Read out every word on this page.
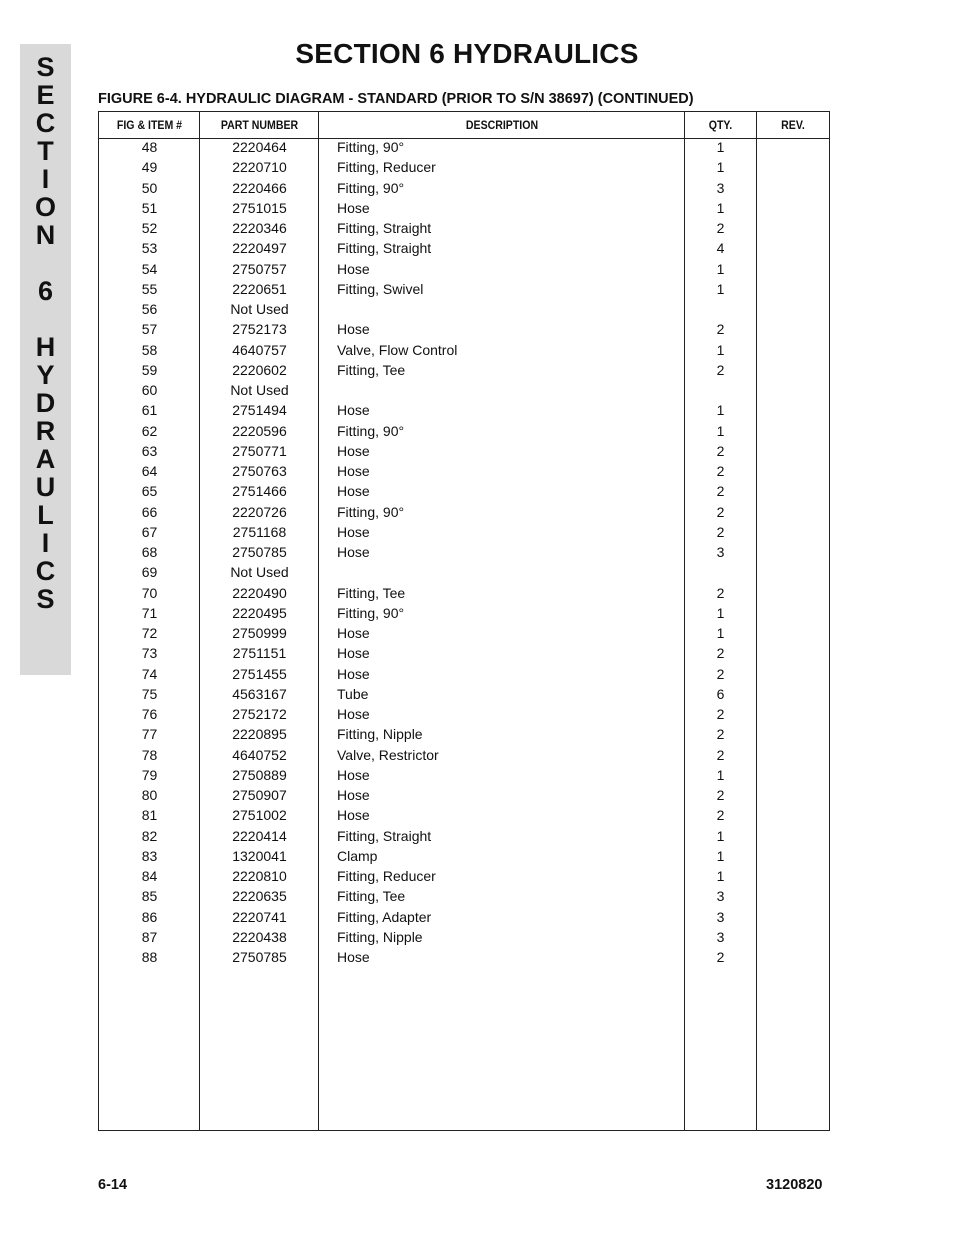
S
E
C
T
I
O
N
6
H
Y
D
R
A
U
L
I
C
S
SECTION 6 HYDRAULICS
FIGURE 6-4. HYDRAULIC DIAGRAM - STANDARD (PRIOR TO S/N 38697) (CONTINUED)
FIG & ITEM #	PART NUMBER	DESCRIPTION	QTY.	REV.
48	2220464	Fitting, 90°	1
49	2220710	Fitting, Reducer	1
50	2220466	Fitting, 90°	3
51	2751015	Hose	1
52	2220346	Fitting, Straight	2
53	2220497	Fitting, Straight	4
54	2750757	Hose	1
55	2220651	Fitting, Swivel	1
56	Not Used
57	2752173	Hose	2
58	4640757	Valve, Flow Control	1
59	2220602	Fitting, Tee	2
60	Not Used
61	2751494	Hose	1
62	2220596	Fitting, 90°	1
63	2750771	Hose	2
64	2750763	Hose	2
65	2751466	Hose	2
66	2220726	Fitting, 90°	2
67	2751168	Hose	2
68	2750785	Hose	3
69	Not Used
70	2220490	Fitting, Tee	2
71	2220495	Fitting, 90°	1
72	2750999	Hose	1
73	2751151	Hose	2
74	2751455	Hose	2
75	4563167	Tube	6
76	2752172	Hose	2
77	2220895	Fitting, Nipple	2
78	4640752	Valve, Restrictor	2
79	2750889	Hose	1
80	2750907	Hose	2
81	2751002	Hose	2
82	2220414	Fitting, Straight	1
83	1320041	Clamp	1
84	2220810	Fitting, Reducer	1
85	2220635	Fitting, Tee	3
86	2220741	Fitting, Adapter	3
87	2220438	Fitting, Nipple	3
88	2750785	Hose	2
6-14	3120820
